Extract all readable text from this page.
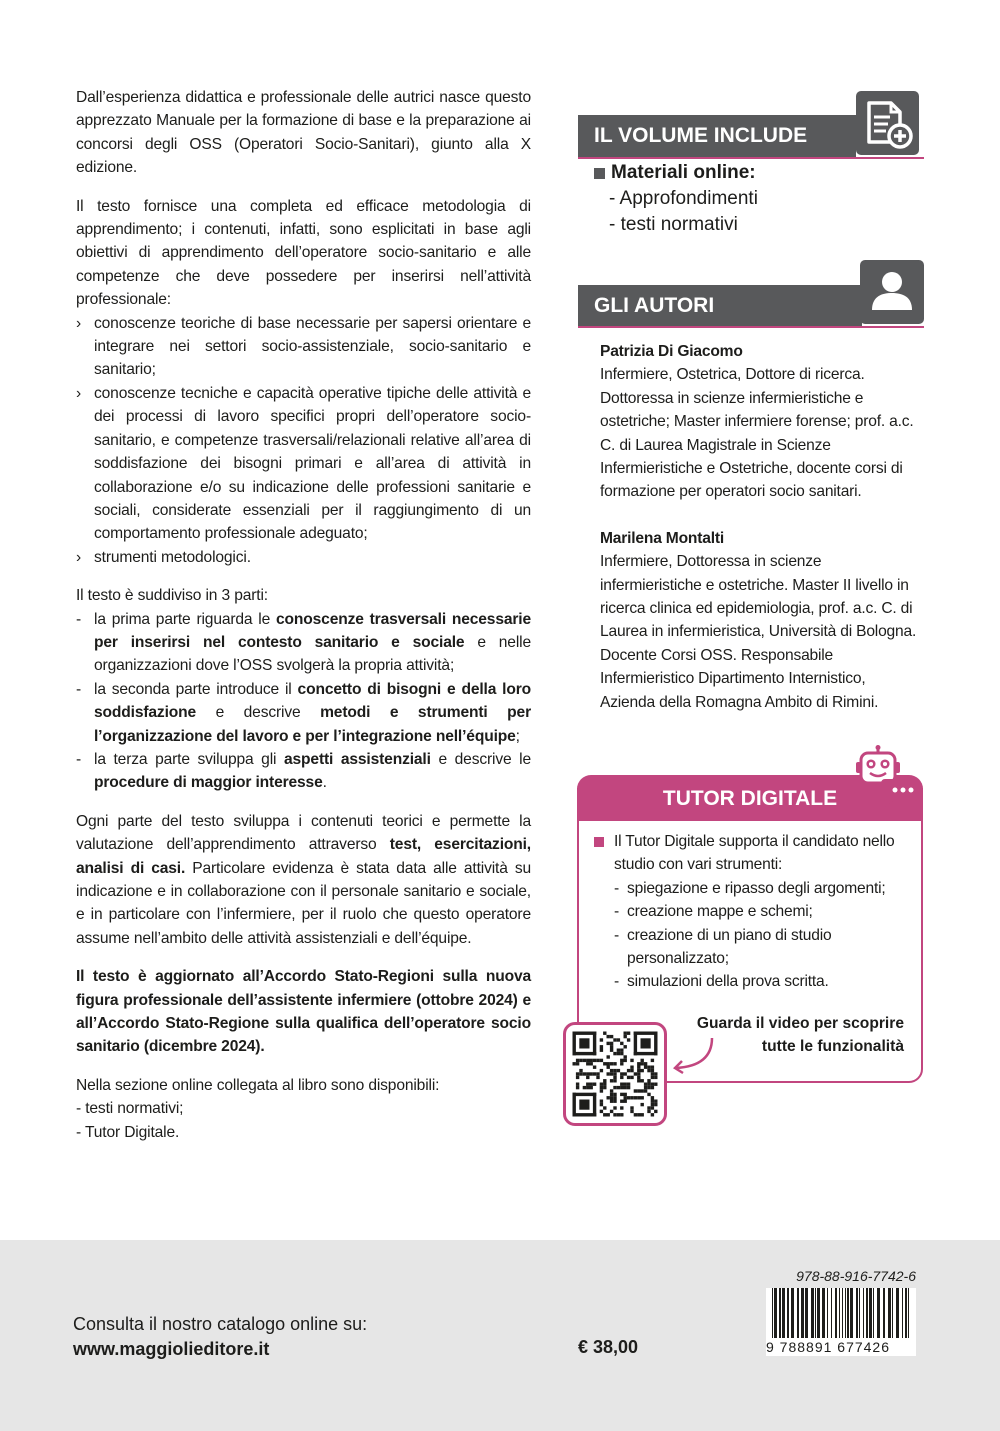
Dall’esperienza didattica e professionale delle autrici nasce questo apprezzato Manuale per la formazione di base e la preparazione ai concorsi degli OSS (Operatori Socio-Sanitari), giunto alla X edizione.

Il testo fornisce una completa ed efficace metodologia di apprendimento; i contenuti, infatti, sono esplicitati in base agli obiettivi di apprendimento dell’operatore socio-sanitario e alle competenze che deve possedere per inserirsi nell’attività professionale:

› conoscenze teoriche di base necessarie per sapersi orientare e integrare nei settori socio-assistenziale, socio-sanitario e sanitario;
› conoscenze tecniche e capacità operative tipiche delle attività e dei processi di lavoro specifici propri dell’operatore socio-sanitario, e competenze trasversali/relazionali relative all’area di soddisfazione dei bisogni primari e all’area di attività in collaborazione e/o su indicazione delle professioni sanitarie e sociali, considerate essenziali per il raggiungimento di un comportamento professionale adeguato;
› strumenti metodologici.

Il testo è suddiviso in 3 parti:

- la prima parte riguarda le conoscenze trasversali necessarie per inserirsi nel contesto sanitario e sociale e nelle organizzazioni dove l’OSS svolgerà la propria attività;
- la seconda parte introduce il concetto di bisogni e della loro soddisfazione e descrive metodi e strumenti per l’organizzazione del lavoro e per l’integrazione nell’équipe;
- la terza parte sviluppa gli aspetti assistenziali e descrive le procedure di maggior interesse.

Ogni parte del testo sviluppa i contenuti teorici e permette la valutazione dell’apprendimento attraverso test, esercitazioni, analisi di casi. Particolare evidenza è stata data alle attività su indicazione e in collaborazione con il personale sanitario e sociale, e in particolare con l’infermiere, per il ruolo che questo operatore assume nell’ambito delle attività assistenziali e dell’équipe.

Il testo è aggiornato all’Accordo Stato-Regioni sulla nuova figura professionale dell’assistente infermiere (ottobre 2024) e all’Accordo Stato-Regione sulla qualifica dell’operatore socio sanitario (dicembre 2024).

Nella sezione online collegata al libro sono disponibili:
- testi normativi;
- Tutor Digitale.

IL VOLUME INCLUDE
Materiali online:
- Approfondimenti
- testi normativi
GLI AUTORI
Patrizia Di Giacomo
Infermiere, Ostetrica, Dottore di ricerca. Dottoressa in scienze infermieristiche e ostetriche; Master infermiere forense; prof. a.c. C. di Laurea Magistrale in Scienze Infermieristiche e Ostetriche, docente corsi di formazione per operatori socio sanitari.
Marilena Montalti
Infermiere, Dottoressa in scienze infermieristiche e ostetriche. Master II livello in ricerca clinica ed epidemiologia, prof. a.c. C. di Laurea in infermieristica, Università di Bologna. Docente Corsi OSS. Responsabile Infermieristico Dipartimento Internistico, Azienda della Romagna Ambito di Rimini.
TUTOR DIGITALE
Il Tutor Digitale supporta il candidato nello studio con vari strumenti:
- spiegazione e ripasso degli argomenti;
- creazione mappe e schemi;
- creazione di un piano di studio personalizzato;
- simulazioni della prova scritta.
Guarda il video per scoprire
tutte le funzionalità
Consulta il nostro catalogo online su:
www.maggiolieditore.it	€ 38,00
978-88-916-7742-6
9 788891 677426
